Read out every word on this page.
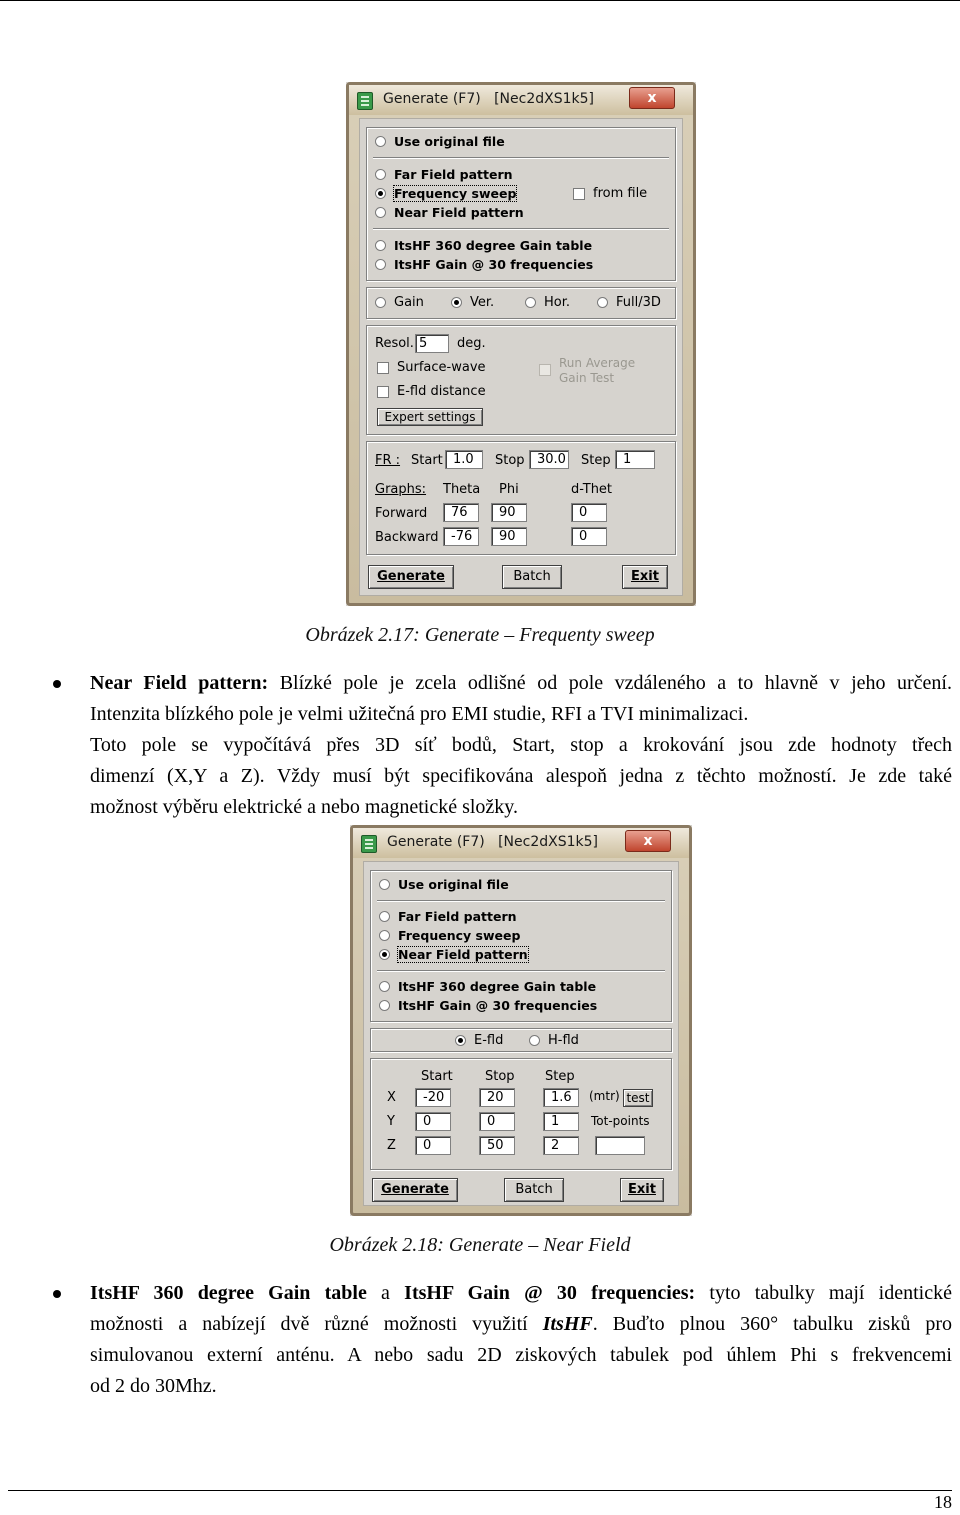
Generate (F7) [Nec2dXS1k5]	x
Use original file
Far Field pattern
Frequency sweep	from file
Near Field pattern
ItsHF 360 degree Gain table
ItsHF Gain @ 30 frequencies
Gain	Ver.	Hor.	Full/3D
Resol. 5	deg.
Surface-wave
E-fld distance
Expert settings
Run Average
Gain Test
FR : Start 1.0	Stop 30.0 Step 1
Graphs: Theta Phi	d-Thet
Forward	76	90	0
Backward -76	90	0
Generate	Batch	Exit
Obrázek 2.17: Generate – Frequenty sweep
Near Field pattern: Blízké pole je zcela odlišné od pole vzdáleného a to hlavně v jeho určení.
Intenzita blízkého pole je velmi užitečná pro EMI studie, RFI a TVI minimalizaci.
Toto pole se vypočítává přes 3D síť bodů, Start, stop a krokování jsou zde hodnoty třech
dimenzí (X,Y a Z). Vždy musí být specifikována alespoň jedna z těchto možností. Je zde také
možnost výběru elektrické a nebo magnetické složky.
Generate (F7) [Nec2dXS1k5]	x
Use original file
Far Field pattern
Frequency sweep
Near Field pattern
ItsHF 360 degree Gain table
ItsHF Gain @ 30 frequencies
E-fld	H-fld
Start Stop Step
X	-20	20	1.6	(mtr) test
Y	0	0	1	Tot-points
Z	0	50	2
Generate	Batch	Exit
Obrázek 2.18: Generate – Near Field
ItsHF 360 degree Gain table a ItsHF Gain @ 30 frequencies: tyto tabulky mají identické
možnosti a nabízejí dvě různé možnosti využití ItsHF. Buďto plnou 360° tabulku zisků pro
simulovanou externí anténu. A nebo sadu 2D ziskových tabulek pod úhlem Phi s frekvencemi
od 2 do 30Mhz.
18
